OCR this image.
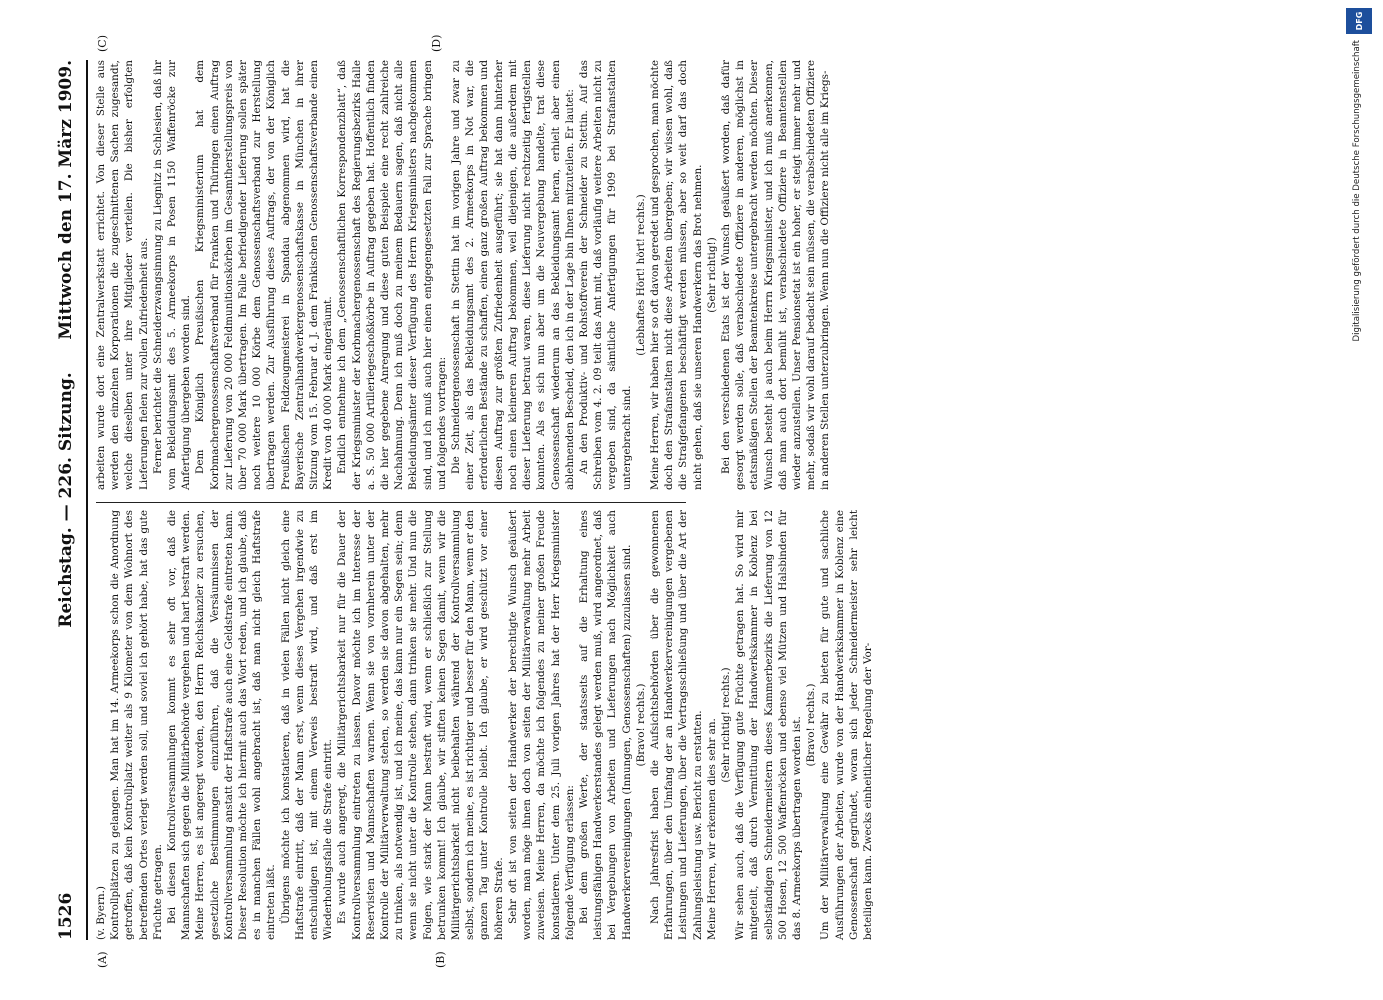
1526
Reichstag. — 226. Sitzung.
Mittwoch den 17. März 1909.
(A)	(B)
(C)	(D)

(v. Byern.) Kontrollplätzen zu gelangen. Man hat im 14. Armeekorps schon die Anordnung getroffen, daß kein Kontrollplatz weiter als 9 Kilometer von dem Wohnort des betreffenden Ortes verlegt werden soll, und soviel ich gehört habe, hat das gute Früchte getragen. Bei diesen Kontrollversammlungen kommt es sehr oft vor, daß die Mannschaften sich gegen die Militärbehörde vergehen und hart bestraft werden. Meine Herren, es ist angeregt worden, den Herrn Reichskanzler zu ersuchen, gesetzliche Bestimmungen einzuführen, daß die Versäumnissen der Kontrollversammlung anstatt der Haftstrafe auch eine Geldstrafe eintreten kann. Dieser Resolution möchte ich hiermit auch das Wort reden, und ich glaube, daß es in manchen Fällen wohl angebracht ist, daß man nicht gleich Haftstrafe eintreten läßt. Übrigens möchte ich konstatieren, daß in vielen Fällen nicht gleich eine Haftstrafe eintritt, daß der Mann erst, wenn dieses Vergehen irgendwie zu entschuldigen ist, mit einem Verweis bestraft wird, und daß erst im Wiederholungsfalle die Strafe eintritt. Es wurde auch angeregt, die Militärgerichtsbarkeit nur für die Dauer der Kontrollversammlung eintreten zu lassen. Davor möchte ich im Interesse der Reservisten und Mannschaften warnen. Wenn sie von vornherein unter der Kontrolle der Militärverwaltung stehen, so werden sie davon abgehalten, mehr zu trinken, als notwendig ist, und ich meine, das kann nur ein Segen sein; denn wenn sie nicht unter die Kontrolle stehen, dann trinken sie mehr. Und nun die Folgen, wie stark der Mann bestraft wird, wenn er schließlich zur Stellung betrunken kommt! Ich glaube, wir stiften keinen Segen damit, wenn wir die Militärgerichtsbarkeit nicht beibehalten während der Kontrollversammlung selbst, sondern ich meine, es ist richtiger und besser für den Mann, wenn er den ganzen Tag unter Kontrolle bleibt. Ich glaube, er wird geschützt vor einer höheren Strafe. Sehr oft ist von seiten der Handwerker der berechtigte Wunsch geäußert worden, man möge ihnen doch von seiten der Militärverwaltung mehr Arbeit zuweisen. Meine Herren, da möchte ich folgendes zu meiner großen Freude konstatieren. Unter dem 25. Juli vorigen Jahres hat der Herr Kriegsminister folgende Verfügung erlassen: Bei dem großen Werte, der staatsseits auf die Erhaltung eines leistungsfähigen Handwerkerstandes gelegt werden muß, wird angeordnet, daß bei Vergebungen von Arbeiten und Lieferungen nach Möglichkeit auch Handwerkervereinigungen (Innungen, Genossenschaften) zuzulassen sind. (Bravo! rechts.) Nach Jahresfrist haben die Aufsichtsbehörden über die gewonnenen Erfahrungen, über den Umfang der an Handwerkervereinigungen vergebenen Leistungen und Lieferungen, über die Vertragsschließung und über die Art der Zahlungsleistung usw. Bericht zu erstatten. Meine Herren, wir erkennen dies sehr an. (Sehr richtig! rechts.) Wir sehen auch, daß die Verfügung gute Früchte getragen hat. So wird mir mitgeteilt, daß durch Vermittlung der Handwerkskammer in Koblenz bei selbständigen Schneidermeistern dieses Kammerbezirks die Lieferung von 12 500 Hosen, 12 500 Waffenröcken und ebenso viel Mützen und Halsbinden für das 8. Armeekorps übertragen worden ist. (Bravo! rechts.) Um der Militärverwaltung eine Gewähr zu bieten für gute und sachliche Ausführungen der Arbeiten, wurde von der Handwerkskammer in Koblenz eine Genossenschaft gegründet, woran sich jeder Schneidermeister sehr leicht beteiligen kann. Zwecks einheitlicher Regelung der Vor-

arbeiten wurde dort eine Zentralwerkstatt errichtet. Von dieser Stelle aus werden den einzelnen Korporationen die zugeschnittenen Sachen zugesandt, welche dieselben unter ihre Mitglieder verteilen. Die bisher erfolgten Lieferungen fielen zur vollen Zufriedenheit aus. Ferner berichtet die Schneiderzwangsinnung zu Liegnitz in Schlesien, daß ihr vom Bekleidungsamt des 5. Armeekorps in Posen 1150 Waffenröcke zur Anfertigung übergeben worden sind. Dem Königlich Preußischen Kriegsministerium hat dem Korbmachergenossenschaftsverband für Franken und Thüringen einen Auftrag zur Lieferung von 20 000 Feldmunitionskörben im Gesamtherstellungspreis von über 70 000 Mark übertragen. Im Falle befriedigender Lieferung sollen später noch weitere 10 000 Körbe dem Genossenschaftsverband zur Herstellung übertragen werden. Zur Ausführung dieses Auftrags, der von der Königlich Preußischen Feldzeugmeisterei in Spandau abgenommen wird, hat die Bayerische Zentralhandwerkergenossenschaftskasse in München in ihrer Sitzung vom 15. Februar d. J. dem Fränkischen Genossenschaftsverbande einen Kredit von 40 000 Mark eingeräumt. Endlich entnehme ich dem „Genossenschaftlichen Korrespondenzblatt“, daß der Kriegsminister der Korbmachergenossenschaft des Regierungsbezirks Halle a. S. 50 000 Artilleriegeschoßkörbe in Auftrag gegeben hat. Hoffentlich finden die hier gegebene Anregung und diese guten Beispiele eine recht zahlreiche Nachahmung. Denn ich muß doch zu meinem Bedauern sagen, daß nicht alle Bekleidungsämter dieser Verfügung des Herrn Kriegsministers nachgekommen sind, und ich muß auch hier einen entgegengesetzten Fall zur Sprache bringen und folgendes vortragen: Die Schneidergenossenschaft in Stettin hat im vorigen Jahre und zwar zu einer Zeit, als das Bekleidungsamt des 2. Armeekorps in Not war, die erforderlichen Bestände zu schaffen, einen ganz großen Auftrag bekommen und diesen Auftrag zur größten Zufriedenheit ausgeführt; sie hat dann hinterher noch einen kleineren Auftrag bekommen, weil diejenigen, die außerdem mit dieser Lieferung betraut waren, diese Lieferung nicht rechtzeitig fertigstellen konnten. Als es sich nun aber um die Neuvergebung handelte, trat diese Genossenschaft wiederum an das Bekleidungsamt heran, erhielt aber einen ablehnenden Bescheid, den ich in der Lage bin Ihnen mitzuteilen. Er lautet: An den Produktiv- und Rohstoffverein der Schneider zu Stettin. Auf das Schreiben vom 4. 2. 09 teilt das Amt mit, daß vorläufig weitere Arbeiten nicht zu vergeben sind, da sämtliche Anfertigungen für 1909 bei Strafanstalten untergebracht sind.

(Lebhaftes Hört! hört! rechts.) Meine Herren, wir haben hier so oft davon geredet und gesprochen, man möchte doch den Strafanstalten nicht diese Arbeiten übergeben; wir wissen wohl, daß die Strafgefangenen beschäftigt werden müssen, aber so weit darf das doch nicht gehen, daß sie unseren Handwerkern das Brot nehmen. (Sehr richtig!) Bei den verschiedenen Etats ist der Wunsch geäußert worden, daß dafür gesorgt werden solle, daß verabschiedete Offiziere in anderen, möglichst in etatsmäßigen Stellen der Beamtenkreise untergebracht werden möchten. Dieser Wunsch besteht ja auch beim Herrn Kriegsminister, und ich muß anerkennen, daß man auch dort bemüht ist, verabschiedete Offiziere in Beamtenstellen wieder anzustellen. Unser Pensionsetat ist ein hoher, er steigt immer mehr und mehr, sodaß wir wohl darauf bedacht sein müssen, die verabschiedeten Offiziere in anderen Stellen unterzubringen. Wenn nun die Offiziere nicht alle im Kriegs-	Digitalisierung gefördert durch die Deutsche Forschungsgemeinschaft
DFG
